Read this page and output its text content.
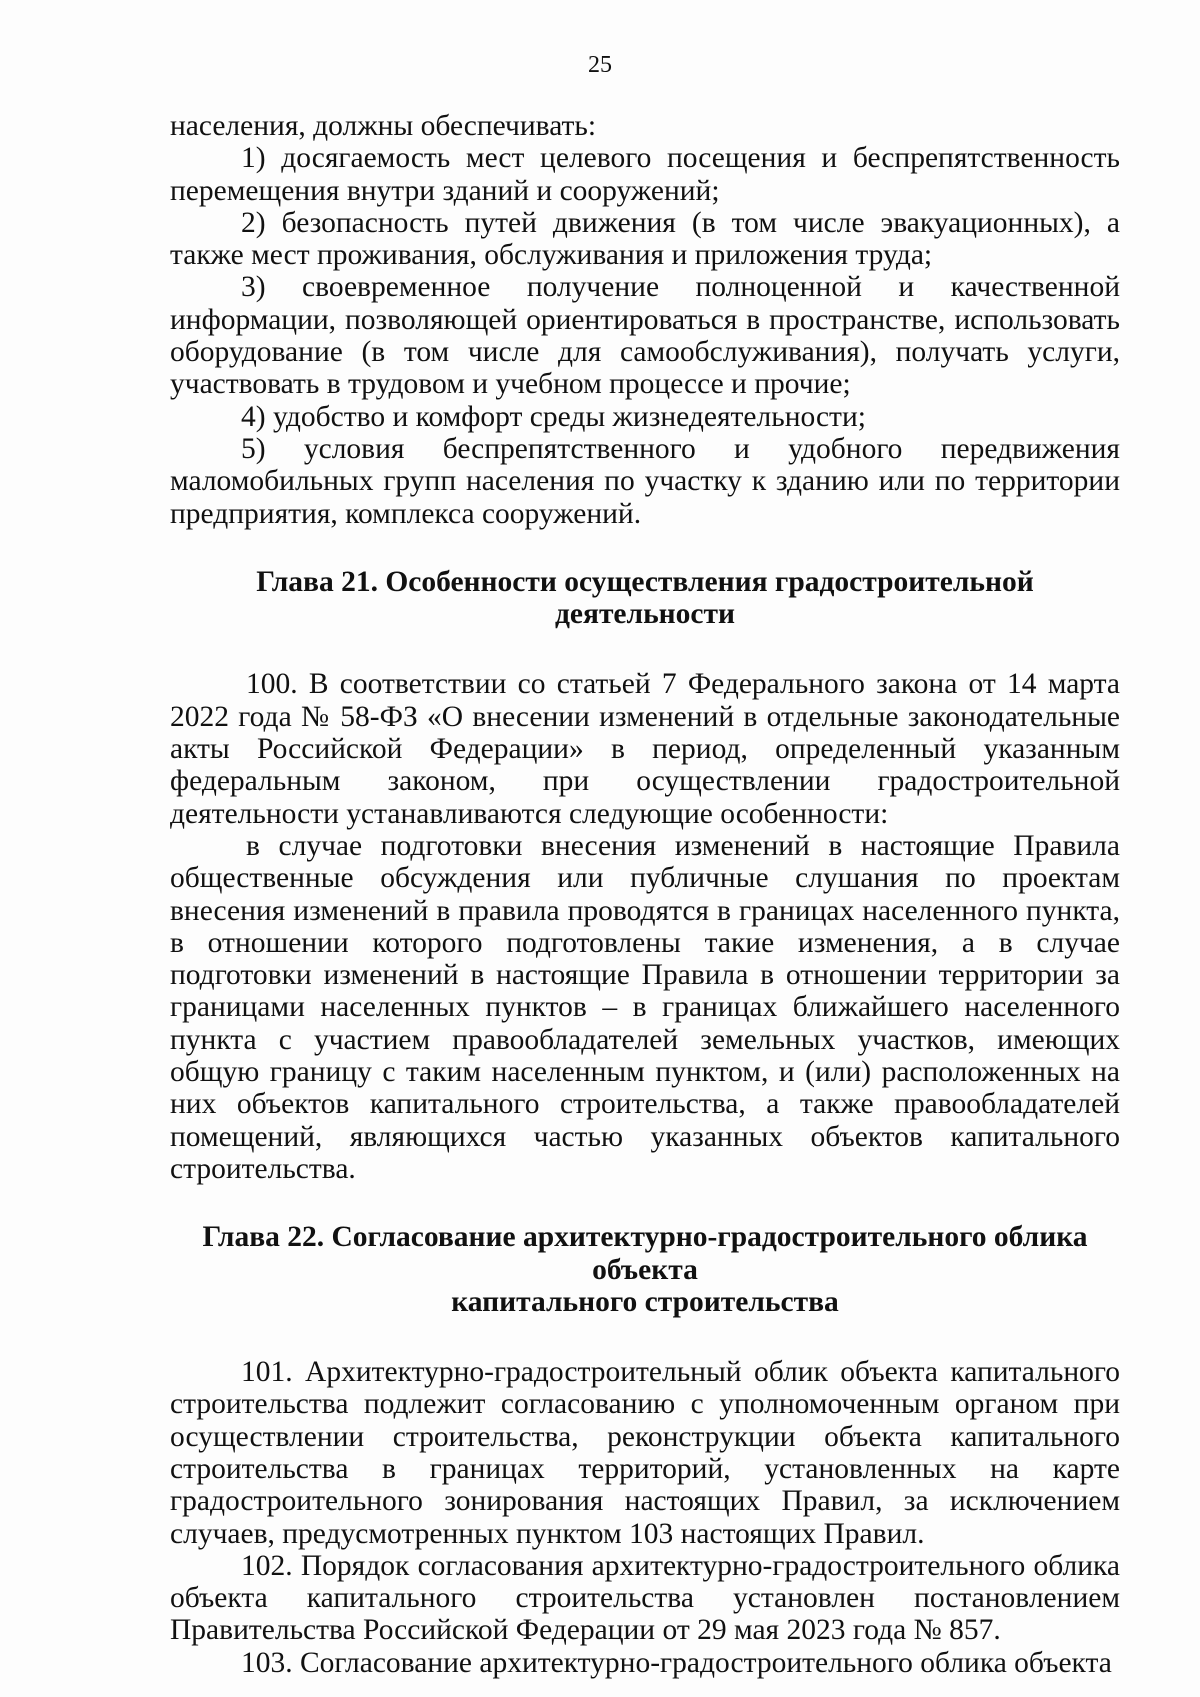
25

населения, должны обеспечивать:

1) досягаемость мест целевого посещения и беспрепятственность перемещения внутри зданий и сооружений;

2) безопасность путей движения (в том числе эвакуационных), а также мест проживания, обслуживания и приложения труда;

3) своевременное получение полноценной и качественной информации, позволяющей ориентироваться в пространстве, использовать оборудование (в том числе для самообслуживания), получать услуги, участвовать в трудовом и учебном процессе и прочие;

4) удобство и комфорт среды жизнедеятельности;

5) условия беспрепятственного и удобного передвижения маломобильных групп населения по участку к зданию или по территории предприятия, комплекса сооружений.

Глава 21. Особенности осуществления градостроительной деятельности

100. В соответствии со статьей 7 Федерального закона от 14 марта 2022 года № 58-ФЗ «О внесении изменений в отдельные законодательные акты Российской Федерации» в период, определенный указанным федеральным законом, при осуществлении градостроительной деятельности устанавливаются следующие особенности:

в случае подготовки внесения изменений в настоящие Правила общественные обсуждения или публичные слушания по проектам внесения изменений в правила проводятся в границах населенного пункта, в отношении которого подготовлены такие изменения, а в случае подготовки изменений в настоящие Правила в отношении территории за границами населенных пунктов – в границах ближайшего населенного пункта с участием правообладателей земельных участков, имеющих общую границу с таким населенным пунктом, и (или) расположенных на них объектов капитального строительства, а также правообладателей помещений, являющихся частью указанных объектов капитального строительства.

Глава 22. Согласование архитектурно-градостроительного облика объекта
капитального строительства

101. Архитектурно-градостроительный облик объекта капитального строительства подлежит согласованию с уполномоченным органом при осуществлении строительства, реконструкции объекта капитального строительства в границах территорий, установленных на карте градостроительного зонирования настоящих Правил, за исключением случаев, предусмотренных пунктом 103 настоящих Правил.

102. Порядок согласования архитектурно-градостроительного облика объекта капитального строительства установлен постановлением Правительства Российской Федерации от 29 мая 2023 года № 857.

103. Согласование архитектурно-градостроительного облика объекта
